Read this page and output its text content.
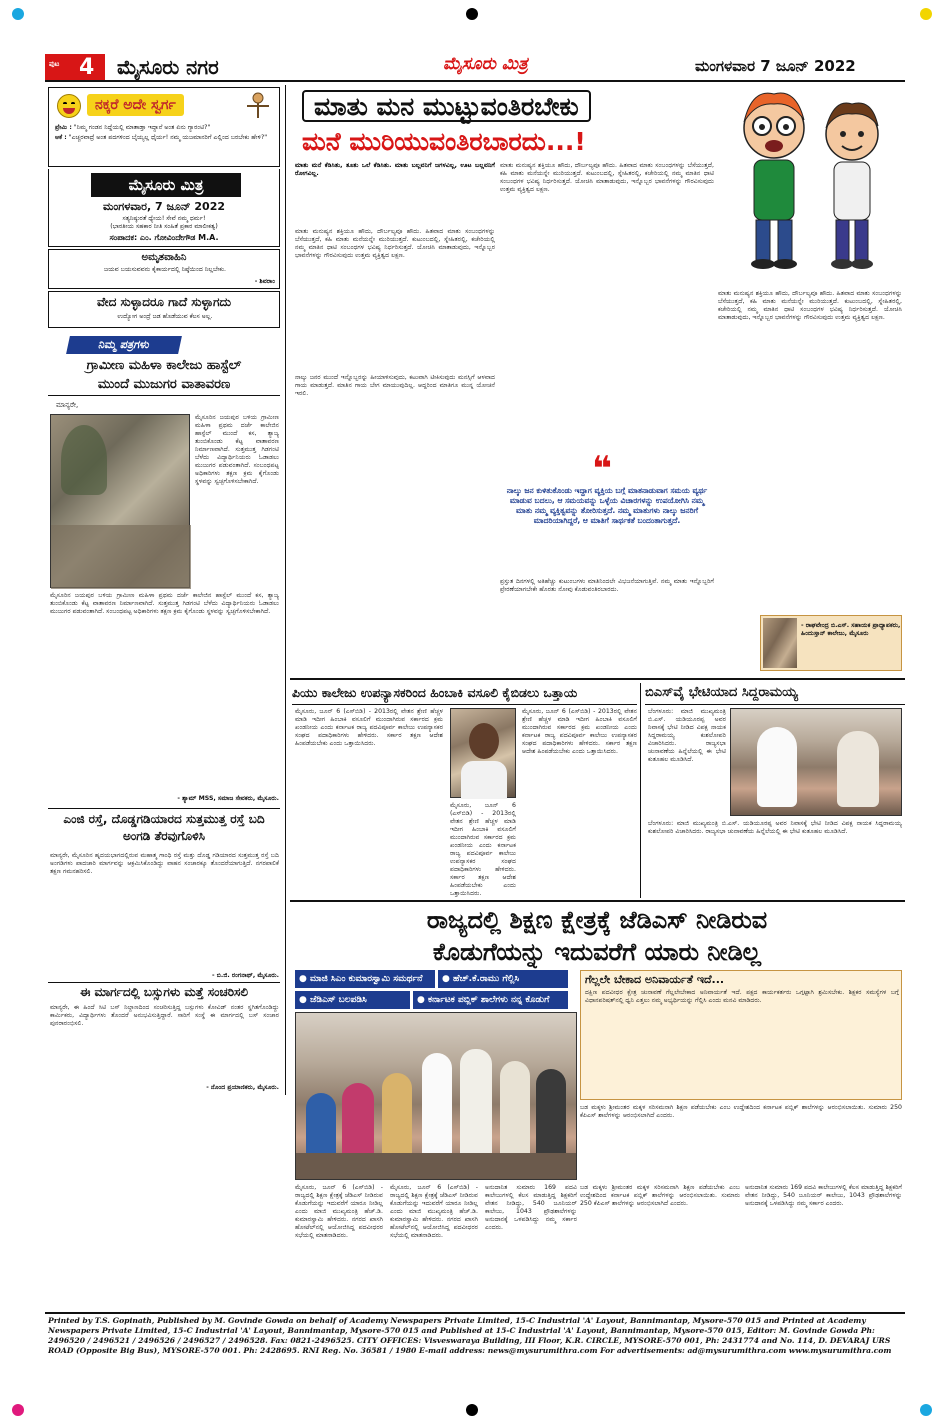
ಪುಟ 4 ಮೈಸೂರು ನಗರ	ಮೈಸೂರು ಮಿತ್ರ	ಮಂಗಳವಾರ 7 ಜೂನ್ 2022
ನಕ್ಕರೆ ಅದೇ ಸ್ವರ್ಗ
ಪ್ರೇಮಿ : "ನಿಮ್ಮ ಗಂಡನ ನಿದ್ದೆಯಲ್ಲಿ ಮಾತಾಡ್ತಾ ಇದ್ದಾನೆ ಅಂತ ಏನು ಗ್ಯಾರಂಟಿ?"
ಆಕೆ : "ಎಚ್ಚರವಾದ್ರೆ ಅಂತ ಪದಗಳಿಂದ ಬೈಯ್ಯಲ್ಲ ಧೈರ್ಯ! ನಮ್ಮ ಯಜಮಾನರಿಗೆ ಎಲ್ಲಿಂದ ಬರಬೇಕು ಹೇಳಿ?"
ಮೈಸೂರು ಮಿತ್ರ
ಮಂಗಳವಾರ, 7 ಜೂನ್ 2022
ಸತ್ಯನಿಷ್ಠುರತೆ ಧ್ಯೇಯ! ಸೇವೆ ನಮ್ಮ ಧರ್ಮ!
(ಭಾರತೀಯ ಸಹಕಾರ ನೀತಿ ಸಂಹಿತೆ ಪ್ರಕಾರ ಮಾಲೀಕತ್ವ)
ಸಂಪಾದಕ: ಎಂ. ಗೋವಿಂದೇಗೌಡ M.A.
ಅಮೃತವಾಹಿನಿ
ಜಯವ ಬಯಸುವವನು ಕೈಕಾರ್ಯದಲ್ಲಿ ನಿಷ್ಠೆಯಿಂದ ನಿಲ್ಲಬೇಕು.
- ಶಿವರಾಂ
ವೇದ ಸುಳ್ಳಾದರೂ ಗಾದೆ ಸುಳ್ಳಾಗದು
ಉದ್ಯೋಗ ಅಂದ್ರೆ ಜಡ ಹೊಡೆಯುವ ಕೆಲಸ ಅಲ್ಲ.
ನಿಮ್ಮ ಪತ್ರಗಳು
ಗ್ರಾಮೀಣ ಮಹಿಳಾ ಕಾಲೇಜು ಹಾಸ್ಟೆಲ್
ಮುಂದೆ ಮುಜುಗರ ವಾತಾವರಣ
ಮಾನ್ಯರೇ,
ಮೈಸೂರಿನ ಜಯಪುರ ಬಳಿಯ ಗ್ರಾಮೀಣ ಮಹಿಳಾ ಪ್ರಥಮ ದರ್ಜೆ ಕಾಲೇಜಿನ ಹಾಸ್ಟೆಲ್ ಮುಂದೆ ಕಸ, ತ್ಯಾಜ್ಯ ತುಂಬಿಕೊಂಡು ಕೆಟ್ಟ ವಾತಾವರಣ ನಿರ್ಮಾಣವಾಗಿದೆ. ಸುತ್ತಮುತ್ತ ಗಿಡಗಂಟಿ ಬೆಳೆದು ವಿದ್ಯಾರ್ಥಿನಿಯರು ಓಡಾಡಲು ಮುಜುಗರ ಪಡುವಂತಾಗಿದೆ. ಸಂಬಂಧಪಟ್ಟ ಅಧಿಕಾರಿಗಳು ತಕ್ಷಣ ಕ್ರಮ ಕೈಗೊಂಡು ಸ್ಥಳವನ್ನು ಸ್ವಚ್ಛಗೊಳಿಸಬೇಕಾಗಿದೆ.
ಮೈಸೂರಿನ ಜಯಪುರ ಬಳಿಯ ಗ್ರಾಮೀಣ ಮಹಿಳಾ ಪ್ರಥಮ ದರ್ಜೆ ಕಾಲೇಜಿನ ಹಾಸ್ಟೆಲ್ ಮುಂದೆ ಕಸ, ತ್ಯಾಜ್ಯ ತುಂಬಿಕೊಂಡು ಕೆಟ್ಟ ವಾತಾವರಣ ನಿರ್ಮಾಣವಾಗಿದೆ. ಸುತ್ತಮುತ್ತ ಗಿಡಗಂಟಿ ಬೆಳೆದು ವಿದ್ಯಾರ್ಥಿನಿಯರು ಓಡಾಡಲು ಮುಜುಗರ ಪಡುವಂತಾಗಿದೆ. ಸಂಬಂಧಪಟ್ಟ ಅಧಿಕಾರಿಗಳು ತಕ್ಷಣ ಕ್ರಮ ಕೈಗೊಂಡು ಸ್ಥಳವನ್ನು ಸ್ವಚ್ಛಗೊಳಿಸಬೇಕಾಗಿದೆ.
- ಶ್ಯಾಮ್ MSS, ಸಮಾಜ ಸೇವಕರು, ಮೈಸೂರು.
ಎಂಜಿ ರಸ್ತೆ, ದೊಡ್ಡಗಡಿಯಾರದ ಸುತ್ತಮುತ್ತ ರಸ್ತೆ ಬದಿ ಅಂಗಡಿ ತೆರವುಗೊಳಿಸಿ
ಮಾನ್ಯರೇ, ಮೈಸೂರಿನ ಹೃದಯಭಾಗದಲ್ಲಿರುವ ಮಹಾತ್ಮ ಗಾಂಧಿ ರಸ್ತೆ ಮತ್ತು ದೊಡ್ಡ ಗಡಿಯಾರದ ಸುತ್ತಮುತ್ತ ರಸ್ತೆ ಬದಿ ಅಂಗಡಿಗಳು ಪಾದಚಾರಿ ಮಾರ್ಗವನ್ನು ಆಕ್ರಮಿಸಿಕೊಂಡಿದ್ದು ವಾಹನ ಸಂಚಾರಕ್ಕೂ ತೊಂದರೆಯಾಗುತ್ತಿದೆ. ನಗರಪಾಲಿಕೆ ತಕ್ಷಣ ಗಮನಹರಿಸಲಿ.
- ಬಿ.ಜಿ. ರಂಗನಾಥ್, ಮೈಸೂರು.
ಈ ಮಾರ್ಗದಲ್ಲಿ ಬಸ್ಸುಗಳು ಮತ್ತೆ ಸಂಚರಿಸಲಿ
ಮಾನ್ಯರೇ, ಈ ಹಿಂದೆ ಸಿಟಿ ಬಸ್ ನಿಲ್ದಾಣದಿಂದ ಸಂಚರಿಸುತ್ತಿದ್ದ ಬಸ್ಸುಗಳು ಕೋವಿಡ್ ನಂತರ ಸ್ಥಗಿತಗೊಂಡಿದ್ದು ಕಾರ್ಮಿಕರು, ವಿದ್ಯಾರ್ಥಿಗಳು ತೊಂದರೆ ಅನುಭವಿಸುತ್ತಿದ್ದಾರೆ. ಸಾರಿಗೆ ಸಂಸ್ಥೆ ಈ ಮಾರ್ಗದಲ್ಲಿ ಬಸ್ ಸಂಚಾರ ಪುನರಾರಂಭಿಸಲಿ.
- ನೊಂದ ಪ್ರಯಾಣಿಕರು, ಮೈಸೂರು.
ಮಾತು ಮನ ಮುಟ್ಟುವಂತಿರಬೇಕು
ಮನೆ ಮುರಿಯುವಂತಿರಬಾರದು...!
ಮಾತು ಮನೆ ಕೆಡಿಸಿತು, ತೂತು ಒಲೆ ಕೆಡಿಸಿತು. ಮಾತು ಬಲ್ಲವನಿಗೆ ಜಗಳವಿಲ್ಲ, ಊಟ ಬಲ್ಲವನಿಗೆ ರೋಗವಿಲ್ಲ.
ಮಾತು ಮನುಷ್ಯನ ಶಕ್ತಿಯೂ ಹೌದು, ದೌರ್ಬಲ್ಯವೂ ಹೌದು. ಹಿತವಾದ ಮಾತು ಸಂಬಂಧಗಳನ್ನು ಬೆಸೆಯುತ್ತದೆ, ಕಹಿ ಮಾತು ಮನೆಯನ್ನೇ ಮುರಿಯುತ್ತದೆ. ಕುಟುಂಬದಲ್ಲಿ, ಸ್ನೇಹಿತರಲ್ಲಿ, ಕಚೇರಿಯಲ್ಲಿ ನಮ್ಮ ಮಾತಿನ ಧಾಟಿ ಸಂಬಂಧಗಳ ಭವಿಷ್ಯ ನಿರ್ಧರಿಸುತ್ತದೆ. ಯೋಚಿಸಿ ಮಾತಾಡುವುದು, ಇನ್ನೊಬ್ಬರ ಭಾವನೆಗಳನ್ನು ಗೌರವಿಸುವುದು ಉತ್ತಮ ವ್ಯಕ್ತಿತ್ವದ ಲಕ್ಷಣ.
ನಾಲ್ಕು ಜನರ ಮುಂದೆ ಇನ್ನೊಬ್ಬರನ್ನು ಹೀಯಾಳಿಸುವುದು, ಕಟುವಾಗಿ ಟೀಕಿಸುವುದು ಮನಸ್ಸಿಗೆ ಆಳವಾದ ಗಾಯ ಮಾಡುತ್ತದೆ. ಮಾತಿನ ಗಾಯ ಬೇಗ ಮಾಯುವುದಿಲ್ಲ. ಆದ್ದರಿಂದ ಮಾತಿಗೂ ಮುನ್ನ ಯೋಚನೆ ಇರಲಿ.
ಮಾತು ಮನುಷ್ಯನ ಶಕ್ತಿಯೂ ಹೌದು, ದೌರ್ಬಲ್ಯವೂ ಹೌದು. ಹಿತವಾದ ಮಾತು ಸಂಬಂಧಗಳನ್ನು ಬೆಸೆಯುತ್ತದೆ, ಕಹಿ ಮಾತು ಮನೆಯನ್ನೇ ಮುರಿಯುತ್ತದೆ. ಕುಟುಂಬದಲ್ಲಿ, ಸ್ನೇಹಿತರಲ್ಲಿ, ಕಚೇರಿಯಲ್ಲಿ ನಮ್ಮ ಮಾತಿನ ಧಾಟಿ ಸಂಬಂಧಗಳ ಭವಿಷ್ಯ ನಿರ್ಧರಿಸುತ್ತದೆ. ಯೋಚಿಸಿ ಮಾತಾಡುವುದು, ಇನ್ನೊಬ್ಬರ ಭಾವನೆಗಳನ್ನು ಗೌರವಿಸುವುದು ಉತ್ತಮ ವ್ಯಕ್ತಿತ್ವದ ಲಕ್ಷಣ.
❝
ನಾಲ್ಕು ಜನ ಕುಳಿತುಕೊಂಡು ಇದ್ದಾಗ ವ್ಯಕ್ತಿಯ ಬಗ್ಗೆ ಮಾತನಾಡುವಾಗ ಸಮಯ ವ್ಯರ್ಥ ಮಾಡುವ ಬದಲು, ಆ ಸಮಯವನ್ನು ಒಳ್ಳೆಯ ವಿಚಾರಗಳನ್ನು ಉಪಯೋಗಿಸಿ ನಮ್ಮ ಮಾತು ನಮ್ಮ ವ್ಯಕ್ತಿತ್ವವನ್ನು ತೋರಿಸುತ್ತದೆ. ನಮ್ಮ ಮಾತುಗಳು ನಾಲ್ಕು ಜನರಿಗೆ ಮಾದರಿಯಾಗಿದ್ದರೆ, ಆ ಮಾತಿಗೆ ಸಾರ್ಥಕತೆ ಬಂದಂತಾಗುತ್ತದೆ.
ಪ್ರಸ್ತುತ ದಿನಗಳಲ್ಲಿ ಅತಿಹೆಚ್ಚು ಕುಟುಂಬಗಳು ಮಾತಿನಿಂದಲೇ ವಿಭಜನೆಯಾಗುತ್ತಿವೆ. ನಮ್ಮ ಮಾತು ಇನ್ನೊಬ್ಬರಿಗೆ ಪ್ರೇರಣೆಯಾಗಬೇಕೇ ಹೊರತು ನೋವು ಕೊಡುವಂತಿರಬಾರದು.
ಮಾತು ಮನುಷ್ಯನ ಶಕ್ತಿಯೂ ಹೌದು, ದೌರ್ಬಲ್ಯವೂ ಹೌದು. ಹಿತವಾದ ಮಾತು ಸಂಬಂಧಗಳನ್ನು ಬೆಸೆಯುತ್ತದೆ, ಕಹಿ ಮಾತು ಮನೆಯನ್ನೇ ಮುರಿಯುತ್ತದೆ. ಕುಟುಂಬದಲ್ಲಿ, ಸ್ನೇಹಿತರಲ್ಲಿ, ಕಚೇರಿಯಲ್ಲಿ ನಮ್ಮ ಮಾತಿನ ಧಾಟಿ ಸಂಬಂಧಗಳ ಭವಿಷ್ಯ ನಿರ್ಧರಿಸುತ್ತದೆ. ಯೋಚಿಸಿ ಮಾತಾಡುವುದು, ಇನ್ನೊಬ್ಬರ ಭಾವನೆಗಳನ್ನು ಗೌರವಿಸುವುದು ಉತ್ತಮ ವ್ಯಕ್ತಿತ್ವದ ಲಕ್ಷಣ.
- ರಾಘವೇಂದ್ರ ಬಿ.ಎಸ್. ಸಹಾಯಕ ಪ್ರಾಧ್ಯಾಪಕರು, ಹಿಂದುಸ್ತಾನ್ ಕಾಲೇಜು, ಮೈಸೂರು
ಪಿಯು ಕಾಲೇಜು ಉಪನ್ಯಾಸಕರಿಂದ ಹಿಂಬಾಕಿ ವಸೂಲಿ ಕೈಬಿಡಲು ಒತ್ತಾಯ
ಮೈಸೂರು, ಜೂನ್ 6 (ಎಸ್‌ಬಿಡಿ) - 2013ರಲ್ಲಿ ವೇತನ ಶ್ರೇಣಿ ಹೆಚ್ಚಳ ಮಾಡಿ ಇದೀಗ ಹಿಂಬಾಕಿ ವಸೂಲಿಗೆ ಮುಂದಾಗಿರುವ ಸರ್ಕಾರದ ಕ್ರಮ ಖಂಡನೀಯ ಎಂದು ಕರ್ನಾಟಕ ರಾಜ್ಯ ಪದವಿಪೂರ್ವ ಕಾಲೇಜು ಉಪನ್ಯಾಸಕರ ಸಂಘದ ಪದಾಧಿಕಾರಿಗಳು ಹೇಳಿದರು. ಸರ್ಕಾರ ತಕ್ಷಣ ಆದೇಶ ಹಿಂಪಡೆಯಬೇಕು ಎಂದು ಒತ್ತಾಯಿಸಿದರು.
ಮೈಸೂರು, ಜೂನ್ 6 (ಎಸ್‌ಬಿಡಿ) - 2013ರಲ್ಲಿ ವೇತನ ಶ್ರೇಣಿ ಹೆಚ್ಚಳ ಮಾಡಿ ಇದೀಗ ಹಿಂಬಾಕಿ ವಸೂಲಿಗೆ ಮುಂದಾಗಿರುವ ಸರ್ಕಾರದ ಕ್ರಮ ಖಂಡನೀಯ ಎಂದು ಕರ್ನಾಟಕ ರಾಜ್ಯ ಪದವಿಪೂರ್ವ ಕಾಲೇಜು ಉಪನ್ಯಾಸಕರ ಸಂಘದ ಪದಾಧಿಕಾರಿಗಳು ಹೇಳಿದರು. ಸರ್ಕಾರ ತಕ್ಷಣ ಆದೇಶ ಹಿಂಪಡೆಯಬೇಕು ಎಂದು ಒತ್ತಾಯಿಸಿದರು.
ಮೈಸೂರು, ಜೂನ್ 6 (ಎಸ್‌ಬಿಡಿ) - 2013ರಲ್ಲಿ ವೇತನ ಶ್ರೇಣಿ ಹೆಚ್ಚಳ ಮಾಡಿ ಇದೀಗ ಹಿಂಬಾಕಿ ವಸೂಲಿಗೆ ಮುಂದಾಗಿರುವ ಸರ್ಕಾರದ ಕ್ರಮ ಖಂಡನೀಯ ಎಂದು ಕರ್ನಾಟಕ ರಾಜ್ಯ ಪದವಿಪೂರ್ವ ಕಾಲೇಜು ಉಪನ್ಯಾಸಕರ ಸಂಘದ ಪದಾಧಿಕಾರಿಗಳು ಹೇಳಿದರು. ಸರ್ಕಾರ ತಕ್ಷಣ ಆದೇಶ ಹಿಂಪಡೆಯಬೇಕು ಎಂದು ಒತ್ತಾಯಿಸಿದರು.
ಬಿಎಸ್‌ವೈ ಭೇಟಿಯಾದ ಸಿದ್ದರಾಮಯ್ಯ
ಬೆಂಗಳೂರು: ಮಾಜಿ ಮುಖ್ಯಮಂತ್ರಿ ಬಿ.ಎಸ್. ಯಡಿಯೂರಪ್ಪ ಅವರ ನಿವಾಸಕ್ಕೆ ಭೇಟಿ ನೀಡಿದ ವಿಪಕ್ಷ ನಾಯಕ ಸಿದ್ದರಾಮಯ್ಯ ಕುಶಲೋಪರಿ ವಿಚಾರಿಸಿದರು. ರಾಜ್ಯಸಭಾ ಚುನಾವಣೆಯ ಹಿನ್ನೆಲೆಯಲ್ಲಿ ಈ ಭೇಟಿ ಕುತೂಹಲ ಮೂಡಿಸಿದೆ.
ಬೆಂಗಳೂರು: ಮಾಜಿ ಮುಖ್ಯಮಂತ್ರಿ ಬಿ.ಎಸ್. ಯಡಿಯೂರಪ್ಪ ಅವರ ನಿವಾಸಕ್ಕೆ ಭೇಟಿ ನೀಡಿದ ವಿಪಕ್ಷ ನಾಯಕ ಸಿದ್ದರಾಮಯ್ಯ ಕುಶಲೋಪರಿ ವಿಚಾರಿಸಿದರು. ರಾಜ್ಯಸಭಾ ಚುನಾವಣೆಯ ಹಿನ್ನೆಲೆಯಲ್ಲಿ ಈ ಭೇಟಿ ಕುತೂಹಲ ಮೂಡಿಸಿದೆ.
ರಾಜ್ಯದಲ್ಲಿ ಶಿಕ್ಷಣ ಕ್ಷೇತ್ರಕ್ಕೆ ಜೆಡಿಎಸ್ ನೀಡಿರುವ
ಕೊಡುಗೆಯನ್ನು ಇದುವರೆಗೆ ಯಾರು ನೀಡಿಲ್ಲ
● ಮಾಜಿ ಸಿಎಂ ಕುಮಾರಸ್ವಾಮಿ ಸಮರ್ಥನೆ	● ಹೆಚ್.ಕೆ.ರಾಮು ಗೆಲ್ಲಿಸಿ
● ಜೆಡಿಎಸ್ ಬಲಪಡಿಸಿ	● ಕರ್ನಾಟಕ ಪಬ್ಲಿಕ್ ಶಾಲೆಗಳು ನನ್ನ ಕೊಡುಗೆ
ಗೆಲ್ಲಲೇ ಬೇಕಾದ ಅನಿವಾರ್ಯತೆ ಇದೆ...
ದಕ್ಷಿಣ ಪದವೀಧರ ಕ್ಷೇತ್ರ ಚುನಾವಣೆ ಗೆಲ್ಲಲೇಬೇಕಾದ ಅನಿವಾರ್ಯತೆ ಇದೆ. ಪಕ್ಷದ ಕಾರ್ಯಕರ್ತರು ಒಗ್ಗಟ್ಟಾಗಿ ಶ್ರಮಿಸಬೇಕು. ಶಿಕ್ಷಕರ ಸಮಸ್ಯೆಗಳ ಬಗ್ಗೆ ವಿಧಾನಪರಿಷತ್‌ನಲ್ಲಿ ಧ್ವನಿ ಎತ್ತಲು ನಮ್ಮ ಅಭ್ಯರ್ಥಿಯನ್ನು ಗೆಲ್ಲಿಸಿ ಎಂದು ಮನವಿ ಮಾಡಿದರು.
ಬಡ ಮಕ್ಕಳು ಶ್ರೀಮಂತರ ಮಕ್ಕಳ ಸರಿಸಮನಾಗಿ ಶಿಕ್ಷಣ ಪಡೆಯಬೇಕು ಎಂಬ ಉದ್ದೇಶದಿಂದ ಕರ್ನಾಟಕ ಪಬ್ಲಿಕ್ ಶಾಲೆಗಳನ್ನು ಆರಂಭಿಸಲಾಯಿತು. ಸುಮಾರು 250 ಕೆಪಿಎಸ್ ಶಾಲೆಗಳನ್ನು ಆರಂಭಿಸಲಾಗಿದೆ ಎಂದರು.
ಮೈಸೂರು, ಜೂನ್ 6 (ಎಸ್‌ಬಿಡಿ) - ರಾಜ್ಯದಲ್ಲಿ ಶಿಕ್ಷಣ ಕ್ಷೇತ್ರಕ್ಕೆ ಜೆಡಿಎಸ್ ನೀಡಿರುವ ಕೊಡುಗೆಯನ್ನು ಇದುವರೆಗೆ ಯಾರೂ ನೀಡಿಲ್ಲ ಎಂದು ಮಾಜಿ ಮುಖ್ಯಮಂತ್ರಿ ಹೆಚ್.ಡಿ. ಕುಮಾರಸ್ವಾಮಿ ಹೇಳಿದರು. ನಗರದ ಖಾಸಗಿ ಹೋಟೆಲ್‌ನಲ್ಲಿ ಆಯೋಜಿಸಿದ್ದ ಪದವೀಧರರ ಸಭೆಯಲ್ಲಿ ಮಾತನಾಡಿದರು.
ಮೈಸೂರು, ಜೂನ್ 6 (ಎಸ್‌ಬಿಡಿ) - ರಾಜ್ಯದಲ್ಲಿ ಶಿಕ್ಷಣ ಕ್ಷೇತ್ರಕ್ಕೆ ಜೆಡಿಎಸ್ ನೀಡಿರುವ ಕೊಡುಗೆಯನ್ನು ಇದುವರೆಗೆ ಯಾರೂ ನೀಡಿಲ್ಲ ಎಂದು ಮಾಜಿ ಮುಖ್ಯಮಂತ್ರಿ ಹೆಚ್.ಡಿ. ಕುಮಾರಸ್ವಾಮಿ ಹೇಳಿದರು. ನಗರದ ಖಾಸಗಿ ಹೋಟೆಲ್‌ನಲ್ಲಿ ಆಯೋಜಿಸಿದ್ದ ಪದವೀಧರರ ಸಭೆಯಲ್ಲಿ ಮಾತನಾಡಿದರು.
ಅನುದಾನಿತ ಸುಮಾರು 169 ಪದವಿ ಕಾಲೇಜುಗಳಲ್ಲಿ ಕೆಲಸ ಮಾಡುತ್ತಿದ್ದ ಶಿಕ್ಷಕರಿಗೆ ವೇತನ ನೀಡಿದ್ದು, 540 ಜೂನಿಯರ್ ಕಾಲೇಜು, 1043 ಪ್ರೌಢಶಾಲೆಗಳನ್ನು ಅನುದಾನಕ್ಕೆ ಒಳಪಡಿಸಿದ್ದು ನಮ್ಮ ಸರ್ಕಾರ ಎಂದರು.
ಬಡ ಮಕ್ಕಳು ಶ್ರೀಮಂತರ ಮಕ್ಕಳ ಸರಿಸಮನಾಗಿ ಶಿಕ್ಷಣ ಪಡೆಯಬೇಕು ಎಂಬ ಉದ್ದೇಶದಿಂದ ಕರ್ನಾಟಕ ಪಬ್ಲಿಕ್ ಶಾಲೆಗಳನ್ನು ಆರಂಭಿಸಲಾಯಿತು. ಸುಮಾರು 250 ಕೆಪಿಎಸ್ ಶಾಲೆಗಳನ್ನು ಆರಂಭಿಸಲಾಗಿದೆ ಎಂದರು.
ಅನುದಾನಿತ ಸುಮಾರು 169 ಪದವಿ ಕಾಲೇಜುಗಳಲ್ಲಿ ಕೆಲಸ ಮಾಡುತ್ತಿದ್ದ ಶಿಕ್ಷಕರಿಗೆ ವೇತನ ನೀಡಿದ್ದು, 540 ಜೂನಿಯರ್ ಕಾಲೇಜು, 1043 ಪ್ರೌಢಶಾಲೆಗಳನ್ನು ಅನುದಾನಕ್ಕೆ ಒಳಪಡಿಸಿದ್ದು ನಮ್ಮ ಸರ್ಕಾರ ಎಂದರು.
Printed by T.S. Gopinath, Published by M. Govinde Gowda on behalf of Academy Newspapers Private Limited, 15-C Industrial 'A' Layout, Bannimantap, Mysore-570 015 and Printed at Academy Newspapers Private Limited, 15-C Industrial 'A' Layout, Bannimantap, Mysore-570 015 and Published at 15-C Industrial 'A' Layout, Bannimantap, Mysore-570 015, Editor: M. Govinde Gowda Ph: 2496520 / 2496521 / 2496526 / 2496527 / 2496528. Fax: 0821-2496525. CITY OFFICES: Visveswaraya Building, III Floor, K.R. CIRCLE, MYSORE-570 001, Ph: 2431774 and No. 114, D. DEVARAJ URS ROAD (Opposite Big Bus), MYSORE-570 001. Ph: 2428695. RNI Reg. No. 36581 / 1980 E-mail address: news@mysurumithra.com For advertisements: ad@mysurumithra.com www.mysurumithra.com
